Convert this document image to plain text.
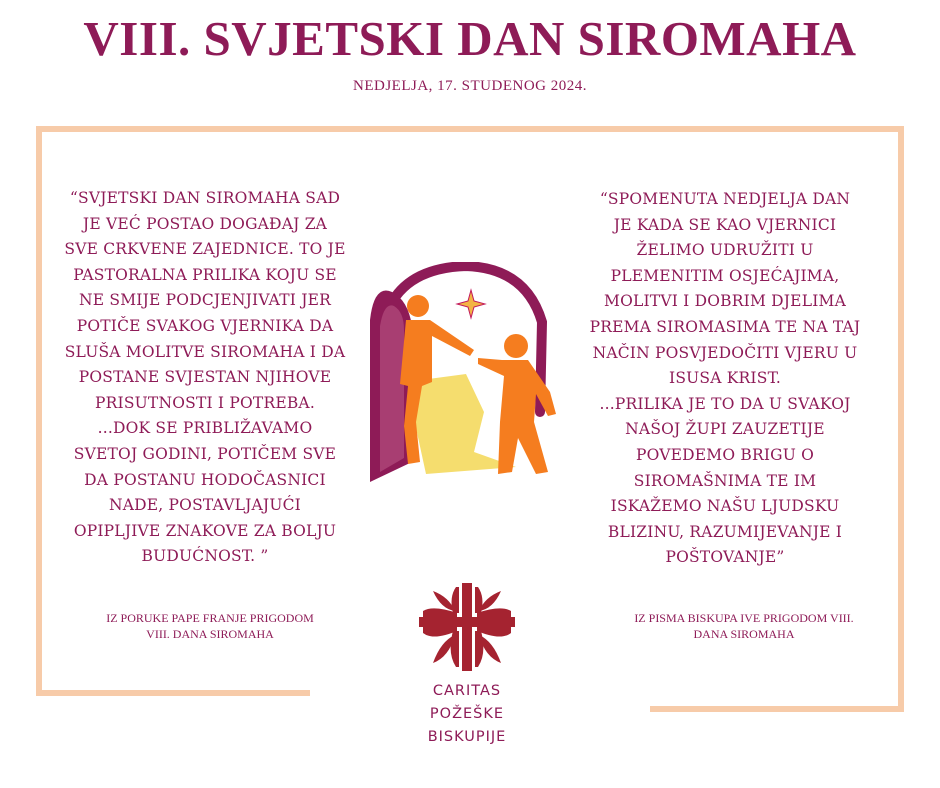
VIII. SVJETSKI DAN SIROMAHA
NEDJELJA, 17. STUDENOG 2024.
“SVJETSKI DAN SIROMAHA SAD
JE VEĆ POSTAO DOGAĐAJ ZA
SVE CRKVENE ZAJEDNICE. TO JE
PASTORALNA PRILIKA KOJU SE
NE SMIJE PODCJENJIVATI JER
POTIČE SVAKOG VJERNIKA DA
SLUŠA MOLITVE SIROMAHA I DA
POSTANE SVJESTAN NJIHOVE
PRISUTNOSTI I POTREBA.
...DOK SE PRIBLIŽAVAMO
SVETOJ GODINI, POTIČEM SVE
DA POSTANU HODOČASNICI
NADE, POSTAVLJAJUĆI
OPIPLJIVE ZNAKOVE ZA BOLJU
BUDUĆNOST. ”
IZ PORUKE PAPE FRANJE PRIGODOM
VIII. DANA SIROMAHA
“SPOMENUTA NEDJELJA DAN
JE KADA SE KAO VJERNICI
ŽELIMO UDRUŽITI U
PLEMENITIM OSJEĆAJIMA,
MOLITVI I DOBRIM DJELIMA
PREMA SIROMASIMA TE NA TAJ
NAČIN POSVJEDOČITI VJERU U
ISUSA KRIST.
...PRILIKA JE TO DA U SVAKOJ
NAŠOJ ŽUPI ZAUZETIJE
POVEDEMO BRIGU O
SIROMAŠNIMA TE IM
ISKAŽEMO NAŠU LJUDSKU
BLIZINU, RAZUMIJEVANJE I
POŠTOVANJE”
IZ PISMA BISKUPA IVE PRIGODOM VIII.
DANA SIROMAHA
CARITAS
POŽEŠKE
BISKUPIJE
